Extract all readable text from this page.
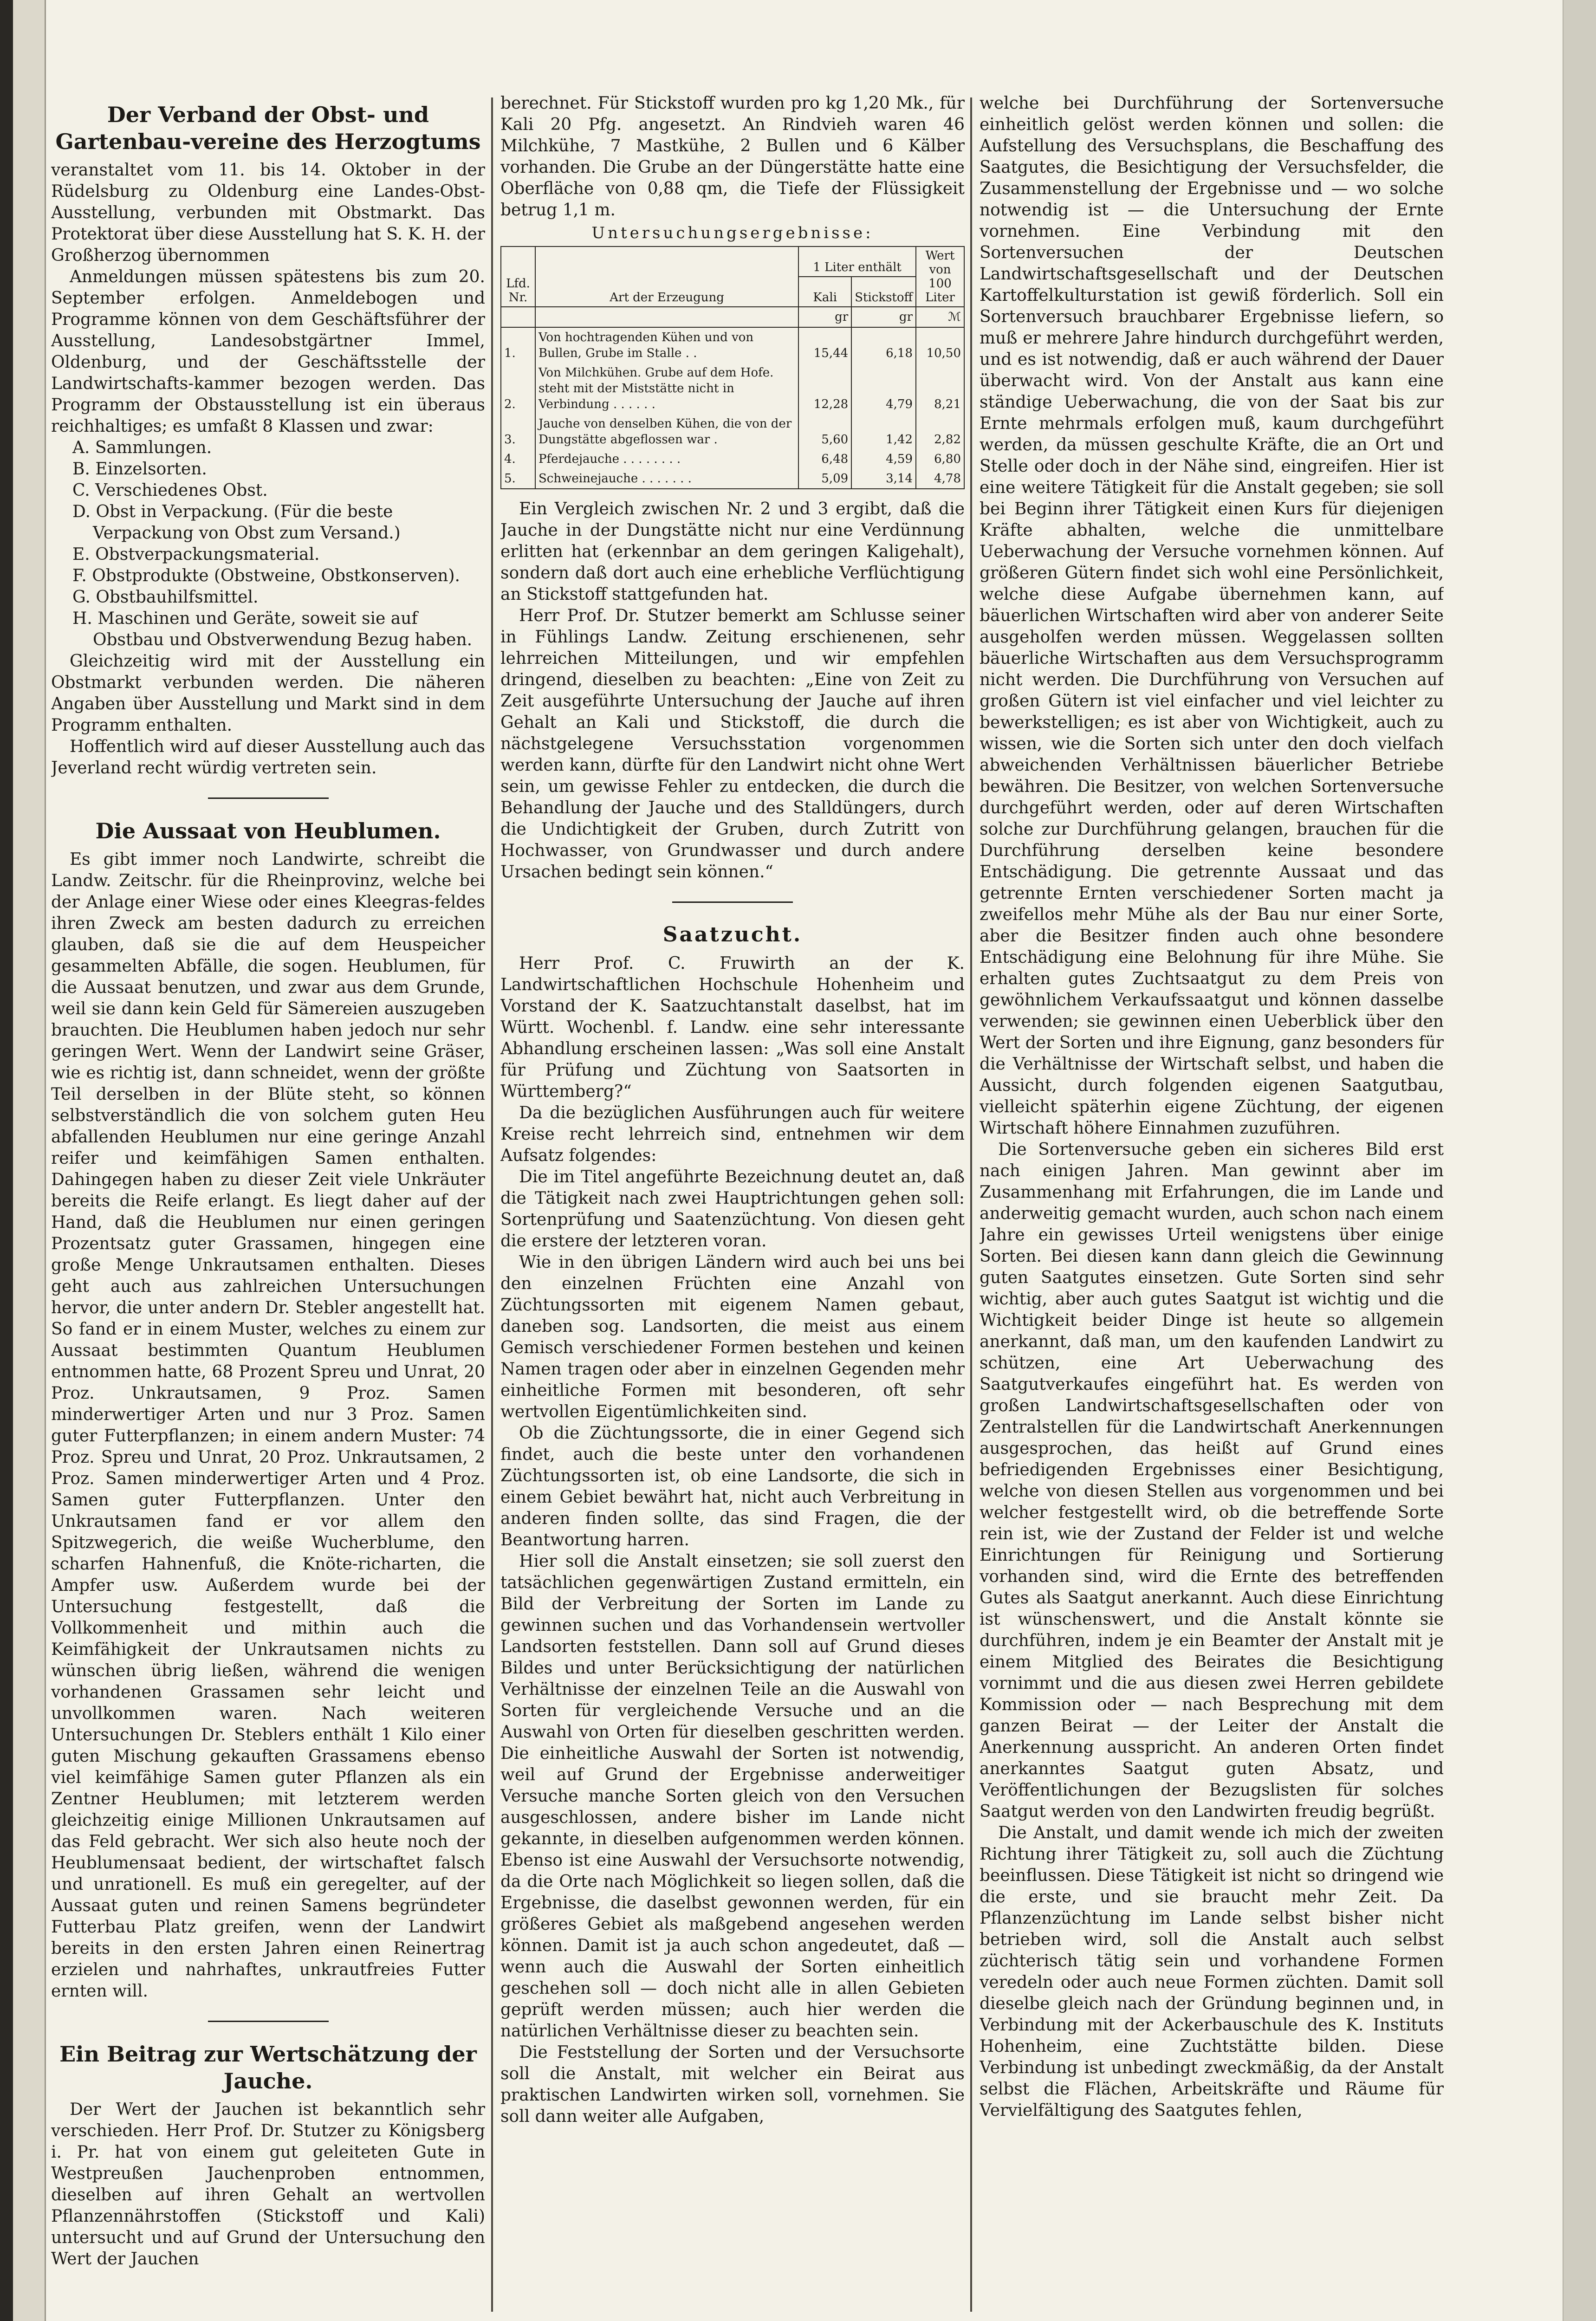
Der Verband der Obst- und Gartenbau-vereine des Herzogtums

veranstaltet vom 11. bis 14. Oktober in der Rüdelsburg zu Oldenburg eine Landes-Obst-Ausstellung, verbunden mit Obstmarkt. Das Protektorat über diese Ausstellung hat S. K. H. der Großherzog übernommen

Anmeldungen müssen spätestens bis zum 20. September erfolgen. Anmeldebogen und Programme können von dem Geschäftsführer der Ausstellung, Landesobstgärtner Immel, Oldenburg, und der Geschäftsstelle der Landwirtschafts-kammer bezogen werden. Das Programm der Obstausstellung ist ein überaus reichhaltiges; es umfaßt 8 Klassen und zwar:

A. Sammlungen.
B. Einzelsorten.
C. Verschiedenes Obst.
D. Obst in Verpackung. (Für die beste Verpackung von Obst zum Versand.)
E. Obstverpackungsmaterial.
F. Obstprodukte (Obstweine, Obstkonserven).
G. Obstbauhilfsmittel.
H. Maschinen und Geräte, soweit sie auf Obstbau und Obstverwendung Bezug haben.

Gleichzeitig wird mit der Ausstellung ein Obstmarkt verbunden werden. Die näheren Angaben über Ausstellung und Markt sind in dem Programm enthalten.

Hoffentlich wird auf dieser Ausstellung auch das Jeverland recht würdig vertreten sein.

Die Aussaat von Heublumen.

Es gibt immer noch Landwirte, schreibt die Landw. Zeitschr. für die Rheinprovinz, welche bei der Anlage einer Wiese oder eines Kleegras-feldes ihren Zweck am besten dadurch zu erreichen glauben, daß sie die auf dem Heuspeicher gesammelten Abfälle, die sogen. Heublumen, für die Aussaat benutzen, und zwar aus dem Grunde, weil sie dann kein Geld für Sämereien auszugeben brauchten. Die Heublumen haben jedoch nur sehr geringen Wert. Wenn der Landwirt seine Gräser, wie es richtig ist, dann schneidet, wenn der größte Teil derselben in der Blüte steht, so können selbstverständlich die von solchem guten Heu abfallenden Heublumen nur eine geringe Anzahl reifer und keimfähigen Samen enthalten. Dahingegen haben zu dieser Zeit viele Unkräuter bereits die Reife erlangt. Es liegt daher auf der Hand, daß die Heublumen nur einen geringen Prozentsatz guter Grassamen, hingegen eine große Menge Unkrautsamen enthalten. Dieses geht auch aus zahlreichen Untersuchungen hervor, die unter andern Dr. Stebler angestellt hat. So fand er in einem Muster, welches zu einem zur Aussaat bestimmten Quantum Heublumen entnommen hatte, 68 Prozent Spreu und Unrat, 20 Proz. Unkrautsamen, 9 Proz. Samen minderwertiger Arten und nur 3 Proz. Samen guter Futterpflanzen; in einem andern Muster: 74 Proz. Spreu und Unrat, 20 Proz. Unkrautsamen, 2 Proz. Samen minderwertiger Arten und 4 Proz. Samen guter Futterpflanzen. Unter den Unkrautsamen fand er vor allem den Spitzwegerich, die weiße Wucherblume, den scharfen Hahnenfuß, die Knöte-richarten, die Ampfer usw. Außerdem wurde bei der Untersuchung festgestellt, daß die Vollkommenheit und mithin auch die Keimfähigkeit der Unkrautsamen nichts zu wünschen übrig ließen, während die wenigen vorhandenen Grassamen sehr leicht und unvollkommen waren. Nach weiteren Untersuchungen Dr. Steblers enthält 1 Kilo einer guten Mischung gekauften Grassamens ebenso viel keimfähige Samen guter Pflanzen als ein Zentner Heublumen; mit letzterem werden gleichzeitig einige Millionen Unkrautsamen auf das Feld gebracht. Wer sich also heute noch der Heublumensaat bedient, der wirtschaftet falsch und unrationell. Es muß ein geregelter, auf der Aussaat guten und reinen Samens begründeter Futterbau Platz greifen, wenn der Landwirt bereits in den ersten Jahren einen Reinertrag erzielen und nahrhaftes, unkrautfreies Futter ernten will.

Ein Beitrag zur Wertschätzung der Jauche.

Der Wert der Jauchen ist bekanntlich sehr verschieden. Herr Prof. Dr. Stutzer zu Königsberg i. Pr. hat von einem gut geleiteten Gute in Westpreußen Jauchenproben entnommen, dieselben auf ihren Gehalt an wertvollen Pflanzennährstoffen (Stickstoff und Kali) untersucht und auf Grund der Untersuchung den Wert der Jauchen

berechnet. Für Stickstoff wurden pro kg 1,20 Mk., für Kali 20 Pfg. angesetzt. An Rindvieh waren 46 Milchkühe, 7 Mastkühe, 2 Bullen und 6 Kälber vorhanden. Die Grube an der Düngerstätte hatte eine Oberfläche von 0,88 qm, die Tiefe der Flüssigkeit betrug 1,1 m.

Untersuchungsergebnisse:
Lfd. Nr.	Art der Erzeugung	1 Liter enthält		Wert von 100 Liter
		Kali	Stickstoff	
		gr	gr	ℳ
1.	Von hochtragenden Kühen und von Bullen, Grube im Stalle . .	15,44	6,18	10,50
2.	Von Milchkühen. Grube auf dem Hofe. steht mit der Miststätte nicht in Verbindung . . . . . .	12,28	4,79	8,21
3.	Jauche von denselben Kühen, die von der Dungstätte abgeflossen war .	5,60	1,42	2,82
4.	Pferdejauche . . . . . . . .	6,48	4,59	6,80
5.	Schweinejauche . . . . . . .	5,09	3,14	4,78

Ein Vergleich zwischen Nr. 2 und 3 ergibt, daß die Jauche in der Dungstätte nicht nur eine Verdünnung erlitten hat (erkennbar an dem geringen Kaligehalt), sondern daß dort auch eine erhebliche Verflüchtigung an Stickstoff stattgefunden hat.

Herr Prof. Dr. Stutzer bemerkt am Schlusse seiner in Fühlings Landw. Zeitung erschienenen, sehr lehrreichen Mitteilungen, und wir empfehlen dringend, dieselben zu beachten: „Eine von Zeit zu Zeit ausgeführte Untersuchung der Jauche auf ihren Gehalt an Kali und Stickstoff, die durch die nächstgelegene Versuchsstation vorgenommen werden kann, dürfte für den Landwirt nicht ohne Wert sein, um gewisse Fehler zu entdecken, die durch die Behandlung der Jauche und des Stalldüngers, durch die Undichtigkeit der Gruben, durch Zutritt von Hochwasser, von Grundwasser und durch andere Ursachen bedingt sein können.“

Saatzucht.

Herr Prof. C. Fruwirth an der K. Landwirtschaftlichen Hochschule Hohenheim und Vorstand der K. Saatzuchtanstalt daselbst, hat im Württ. Wochenbl. f. Landw. eine sehr interessante Abhandlung erscheinen lassen: „Was soll eine Anstalt für Prüfung und Züchtung von Saatsorten in Württemberg?“

Da die bezüglichen Ausführungen auch für weitere Kreise recht lehrreich sind, entnehmen wir dem Aufsatz folgendes:

Die im Titel angeführte Bezeichnung deutet an, daß die Tätigkeit nach zwei Hauptrichtungen gehen soll: Sortenprüfung und Saatenzüchtung. Von diesen geht die erstere der letzteren voran.

Wie in den übrigen Ländern wird auch bei uns bei den einzelnen Früchten eine Anzahl von Züchtungssorten mit eigenem Namen gebaut, daneben sog. Landsorten, die meist aus einem Gemisch verschiedener Formen bestehen und keinen Namen tragen oder aber in einzelnen Gegenden mehr einheitliche Formen mit besonderen, oft sehr wertvollen Eigentümlichkeiten sind.

Ob die Züchtungssorte, die in einer Gegend sich findet, auch die beste unter den vorhandenen Züchtungssorten ist, ob eine Landsorte, die sich in einem Gebiet bewährt hat, nicht auch Verbreitung in anderen finden sollte, das sind Fragen, die der Beantwortung harren.

Hier soll die Anstalt einsetzen; sie soll zuerst den tatsächlichen gegenwärtigen Zustand ermitteln, ein Bild der Verbreitung der Sorten im Lande zu gewinnen suchen und das Vorhandensein wertvoller Landsorten feststellen. Dann soll auf Grund dieses Bildes und unter Berücksichtigung der natürlichen Verhältnisse der einzelnen Teile an die Auswahl von Sorten für vergleichende Versuche und an die Auswahl von Orten für dieselben geschritten werden. Die einheitliche Auswahl der Sorten ist notwendig, weil auf Grund der Ergebnisse anderweitiger Versuche manche Sorten gleich von den Versuchen ausgeschlossen, andere bisher im Lande nicht gekannte, in dieselben aufgenommen werden können. Ebenso ist eine Auswahl der Versuchsorte notwendig, da die Orte nach Möglichkeit so liegen sollen, daß die Ergebnisse, die daselbst gewonnen werden, für ein größeres Gebiet als maßgebend angesehen werden können. Damit ist ja auch schon angedeutet, daß — wenn auch die Auswahl der Sorten einheitlich geschehen soll — doch nicht alle in allen Gebieten geprüft werden müssen; auch hier werden die natürlichen Verhältnisse dieser zu beachten sein.

Die Feststellung der Sorten und der Versuchsorte soll die Anstalt, mit welcher ein Beirat aus praktischen Landwirten wirken soll, vornehmen. Sie soll dann weiter alle Aufgaben,

welche bei Durchführung der Sortenversuche einheitlich gelöst werden können und sollen: die Aufstellung des Versuchsplans, die Beschaffung des Saatgutes, die Besichtigung der Versuchsfelder, die Zusammenstellung der Ergebnisse und — wo solche notwendig ist — die Untersuchung der Ernte vornehmen. Eine Verbindung mit den Sortenversuchen der Deutschen Landwirtschaftsgesellschaft und der Deutschen Kartoffelkulturstation ist gewiß förderlich. Soll ein Sortenversuch brauchbarer Ergebnisse liefern, so muß er mehrere Jahre hindurch durchgeführt werden, und es ist notwendig, daß er auch während der Dauer überwacht wird. Von der Anstalt aus kann eine ständige Ueberwachung, die von der Saat bis zur Ernte mehrmals erfolgen muß, kaum durchgeführt werden, da müssen geschulte Kräfte, die an Ort und Stelle oder doch in der Nähe sind, eingreifen. Hier ist eine weitere Tätigkeit für die Anstalt gegeben; sie soll bei Beginn ihrer Tätigkeit einen Kurs für diejenigen Kräfte abhalten, welche die unmittelbare Ueberwachung der Versuche vornehmen können. Auf größeren Gütern findet sich wohl eine Persönlichkeit, welche diese Aufgabe übernehmen kann, auf bäuerlichen Wirtschaften wird aber von anderer Seite ausgeholfen werden müssen. Weggelassen sollten bäuerliche Wirtschaften aus dem Versuchsprogramm nicht werden. Die Durchführung von Versuchen auf großen Gütern ist viel einfacher und viel leichter zu bewerkstelligen; es ist aber von Wichtigkeit, auch zu wissen, wie die Sorten sich unter den doch vielfach abweichenden Verhältnissen bäuerlicher Betriebe bewähren. Die Besitzer, von welchen Sortenversuche durchgeführt werden, oder auf deren Wirtschaften solche zur Durchführung gelangen, brauchen für die Durchführung derselben keine besondere Entschädigung. Die getrennte Aussaat und das getrennte Ernten verschiedener Sorten macht ja zweifellos mehr Mühe als der Bau nur einer Sorte, aber die Besitzer finden auch ohne besondere Entschädigung eine Belohnung für ihre Mühe. Sie erhalten gutes Zuchtsaatgut zu dem Preis von gewöhnlichem Verkaufssaatgut und können dasselbe verwenden; sie gewinnen einen Ueberblick über den Wert der Sorten und ihre Eignung, ganz besonders für die Verhältnisse der Wirtschaft selbst, und haben die Aussicht, durch folgenden eigenen Saatgutbau, vielleicht späterhin eigene Züchtung, der eigenen Wirtschaft höhere Einnahmen zuzuführen.

Die Sortenversuche geben ein sicheres Bild erst nach einigen Jahren. Man gewinnt aber im Zusammenhang mit Erfahrungen, die im Lande und anderweitig gemacht wurden, auch schon nach einem Jahre ein gewisses Urteil wenigstens über einige Sorten. Bei diesen kann dann gleich die Gewinnung guten Saatgutes einsetzen. Gute Sorten sind sehr wichtig, aber auch gutes Saatgut ist wichtig und die Wichtigkeit beider Dinge ist heute so allgemein anerkannt, daß man, um den kaufenden Landwirt zu schützen, eine Art Ueberwachung des Saatgutverkaufes eingeführt hat. Es werden von großen Landwirtschaftsgesellschaften oder von Zentralstellen für die Landwirtschaft Anerkennungen ausgesprochen, das heißt auf Grund eines befriedigenden Ergebnisses einer Besichtigung, welche von diesen Stellen aus vorgenommen und bei welcher festgestellt wird, ob die betreffende Sorte rein ist, wie der Zustand der Felder ist und welche Einrichtungen für Reinigung und Sortierung vorhanden sind, wird die Ernte des betreffenden Gutes als Saatgut anerkannt. Auch diese Einrichtung ist wünschenswert, und die Anstalt könnte sie durchführen, indem je ein Beamter der Anstalt mit je einem Mitglied des Beirates die Besichtigung vornimmt und die aus diesen zwei Herren gebildete Kommission oder — nach Besprechung mit dem ganzen Beirat — der Leiter der Anstalt die Anerkennung ausspricht. An anderen Orten findet anerkanntes Saatgut guten Absatz, und Veröffentlichungen der Bezugslisten für solches Saatgut werden von den Landwirten freudig begrüßt.

Die Anstalt, und damit wende ich mich der zweiten Richtung ihrer Tätigkeit zu, soll auch die Züchtung beeinflussen. Diese Tätigkeit ist nicht so dringend wie die erste, und sie braucht mehr Zeit. Da Pflanzenzüchtung im Lande selbst bisher nicht betrieben wird, soll die Anstalt auch selbst züchterisch tätig sein und vorhandene Formen veredeln oder auch neue Formen züchten. Damit soll dieselbe gleich nach der Gründung beginnen und, in Verbindung mit der Ackerbauschule des K. Instituts Hohenheim, eine Zuchtstätte bilden. Diese Verbindung ist unbedingt zweckmäßig, da der Anstalt selbst die Flächen, Arbeitskräfte und Räume für Vervielfältigung des Saatgutes fehlen,
